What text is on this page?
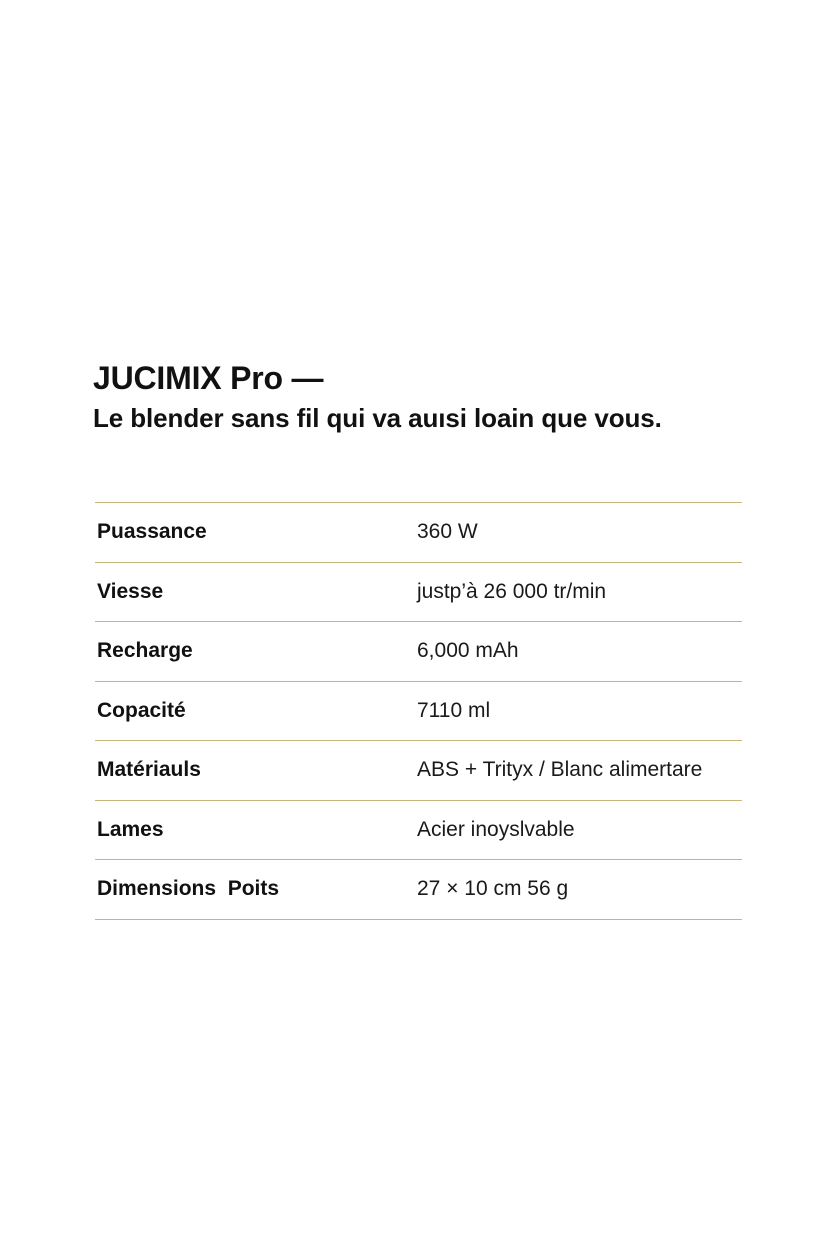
JUCIMIX Pro —
Le blender sans fil qui va auısi loain que vous.
Puassance	360 W
Viesse	justp’à 26 000 tr/min
Recharge	6,000 mAh
Copacité	7110 ml
Matériauls	ABS + Trityx / Blanc alimertare
Lames	Acier inoyslvable
Dimensions  Poits	27 × 10 cm 56 g
